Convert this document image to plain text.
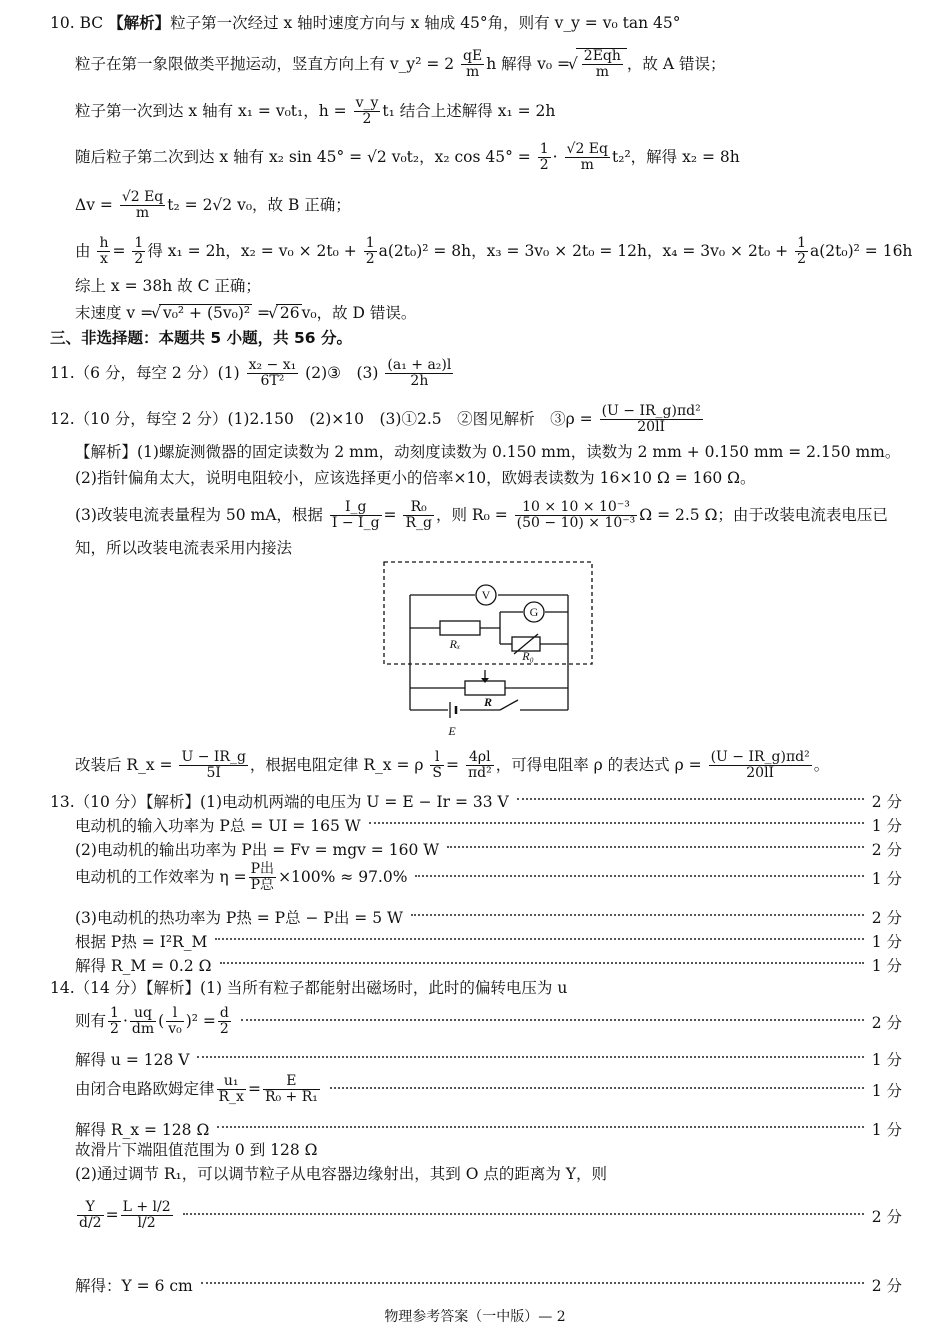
10. BC 【解析】粒子第一次经过 x 轴时速度方向与 x 轴成 45°角，则有 v_y = v₀ tan 45°
粒子在第一象限做类平抛运动，竖直方向上有 v_y² = $2 \frac{qE}{m}$ h 解得 v₀ = √ $\frac{\text{2Eqh}}{m}$ ，故 A 错误；
粒子第一次到达 x 轴有 x₁ = v₀t₁，$h = \frac{v\_y}{2} t_1$ 结合上述解得 x₁ = 2h
随后粒子第二次到达 x 轴有 x₂ sin 45° = √2 v₀t₂，x₂ $\cos 45^\circ = \frac{1}{2} \cdot \frac{√2 Eq}{m} t_2^2$，解得 x₂ = 8h
$\Delta v = \frac{√2 Eq}{m} t_2 = 2√2$ v₀，故 B 正确；
由 $\frac{h}{x} = \frac{1}{2}$ 得 x₁ = 2h，$x_2 = v_0 \times 2t_0 + \frac{1}{2} a(2t_0)^2 = 8h$，x₃ = 3v₀ × 2t₀ = 12h，$x_4 = 3v_0 \times 2t_0 + \frac{1}{2} a(2t_0)^2 = 16h$
综上 x = 38h 故 C 正确；
末速度 v = √ v₀² + (5v₀)² = √ 26 v₀，故 D 错误。
三、非选择题：本题共 5 小题，共 56 分。
11.（6 分，每空 2 分）$(1) \frac{\text{x₂ − x₁}}{\text{6T²}}$ (2)③　$(3) \frac{\text{(a₁ + a₂)l}}{2h}$
12.（10 分，每空 2 分）(1)2.150　(2)×10　(3)①2.5　②图见解析　③ρ = $\frac{\text{(U − IR\_g)πd²}}{20lI}$
【解析】(1)螺旋测微器的固定读数为 2 mm，动刻度读数为 0.150 mm，读数为 2 mm + 0.150 mm = 2.150 mm。
(2)指针偏角太大，说明电阻较小，应该选择更小的倍率×10，欧姆表读数为 16×10 Ω = 160 Ω。
(3)改装电流表量程为 50 mA，根据 $\frac{I\_g}{I - I\_g} = \frac{\text{R₀}}{R\_g}$ ，则 $R_0 = \frac{\text{10 × 10 × 10⁻³}}{\text{(50 − 10) × 10⁻³}}$ Ω = 2.5 Ω；由于改装电流表电压已
知，所以改装电流表采用内接法
V
G
Rₓ
R₀
R
E
改装后 R_x = $\frac{U - IR\_g}{5I}$ ，根据电阻定律 R_x = ρ $\frac{l}{S} = \frac{4\rho l}{\text{πd²}}$ ，可得电阻率 ρ 的表达式 $\rho = \frac{\text{(U − IR\_g)πd²}}{20lI}$ 。
13.（10 分）【解析】(1)电动机两端的电压为 U = E − Ir = 33 V	2 分
电动机的输入功率为 P总 = UI = 165 W	1 分
(2)电动机的输出功率为 P出 = Fv = mgv = 160 W	2 分
电动机的工作效率为 $\eta = \frac{\text{P出}}{\text{P总}} \times 100\% \approx 97.0\%$	1 分
(3)电动机的热功率为 P热 = P总 − P出 = 5 W	2 分
根据 P热 = I²R_M	1 分
解得 R_M = 0.2 Ω	1 分
14.（14 分）【解析】(1) 当所有粒子都能射出磁场时，此时的偏转电压为 u
则有 $\frac{1}{2} \cdot \frac{uq}{dm}$ ( $\frac{l}{\text{v₀}} )^2 = \frac{d}{2}$	2 分
解得 u = 128 V	1 分
由闭合电路欧姆定律 $\frac{\text{u₁}}{R\_x} = \frac{E}{\text{R₀ + R₁}}$	1 分
解得 R_x = 128 Ω	1 分
故滑片下端阻值范围为 0 到 128 Ω
(2)通过调节 R₁，可以调节粒子从电容器边缘射出，其到 O 点的距离为 Y，则
$\frac{Y}{d/2} = \frac{L + l/2}{l/2}$	2 分
解得：Y = 6 cm	2 分
物理参考答案（一中版）— 2
